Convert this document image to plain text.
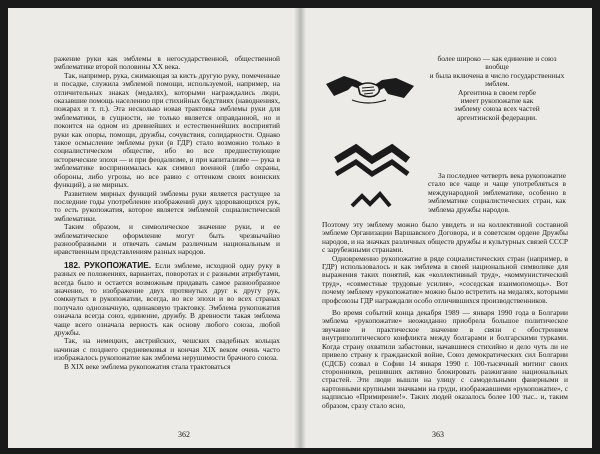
ражение руки как эмблемы в негосударственной, общественной эмблематике второй половины XX века.

Так, например, рука, сжимающая за кисть другую руку, помеченные и посадке, служила эмблемой помощи, используемой, например, на отличительных знаках (медалях), которыми награждались люди, оказавшие помощь населению при стихийных бедствиях (наводнениях, пожарах и т. п.). Эта несколько новая трактовка эмблемы руки для эмблематики, в сущности, не только является оправданной, но и покоится на одном из древнейших и естественнейших восприятий руки как опоры, помощи, дружбы, сочувствия, солидарности. Однако такое осмысление эмблемы руки (в ГДР) стало возможно только в социалистическом обществе, ибо во все предшествующие исторические эпохи — и при феодализме, и при капитализме — рука в эмблематике воспринималась как символ военной (либо охраны, обороны, либо угрозы, но все равно с оттенком своих воинских функций), а не мирных.

Развитием мирных функций эмблемы руки является растущее за последние годы употребление изображений двух здоровающихся рук, то есть рукопожатия, которое является эмблемой социалистической эмблематики.

Таким образом, и символическое значение руки, и ее эмблематическое оформление могут быть чрезвычайно разнообразными и отвечать самым различным национальным и нравственным представлениям разных народов.

182. РУКОПОЖАТИЕ. Если эмблеме, исходной одну руку в разных ее положениях, вариантах, поворотах и с разными атрибутами, всегда было и остается возможным придавать самое разнообразное значение, то изображение двух протянутых друг к другу рук, сомкнутых в рукопожатии, всегда, во все эпохи и во всех странах получало однозначную, одинаковую трактовку. Эмблема рукопожатия означала всегда союз, единение, дружбу. В древности такая эмблема чаще всего означала верность как основу любого союза, любой дружбы.

Так, на немецких, австрийских, чешских свадебных кольцах начиная с позднего средневековья и кончая XIX веком очень часто изображалось рукопожатие как эмблема нерушимости брачного союза.

В XIX веке эмблема рукопожатия стала трактоваться

362
более широко — как единение и союз вообще
и была включена в число государственных эмблем.
Аргентина в своем гербе
имеет рукопожатие как
эмблему союза всех частей
аргентинской федерации.

За последнее четверть века рукопожатие стало все чаще и чаще употребляться в международной эмблематике, особенно в эмблематике социалистических стран, как эмблема дружбы народов.

Поэтому эту эмблему можно было увидеть и на коллективной составной эмблеме Организации Варшавского Договора, и в советском ордене Дружбы народов, и на значках различных обществ дружбы и культурных связей СССР с зарубежными странами.

Одновременно рукопожатие в ряде социалистических стран (например, в ГДР) использовалось и как эмблема в своей национальной символике для выражения таких понятий, как «коллективный труд», «коммунистический труд», «совместные трудовые усилия», «соседская взаимопомощь». Вот почему эмблему «рукопожатие» можно было встретить на медалях, которыми профсоюзы ГДР награждали особо отличившихся производственников.

Во время событий конца декабря 1989 — января 1990 года в Болгарии эмблема «рукопожатие» неожиданно приобрела большое политическое звучание и практическое значение в связи с обострением внутриполитического конфликта между болгарами и болгарскими турками. Когда страну охватили забастовки, начавшиеся стихийно и дело чуть ли не привело страну к гражданской войне, Союз демократических сил Болгарии (СДСБ) созвал в Софии 14 января 1990 г. 100-тысячный митинг своих сторонников, решивших активно блокировать разжигание национальных страстей. Эти люди вышли на улицу с самодельными фанерными и картонными крупными значками на груди, изображавшими «рукопожатие», с надписью «Примирение!». Таких людей оказалось более 100 тыс.. и, таким образом, сразу стало ясно,

363
